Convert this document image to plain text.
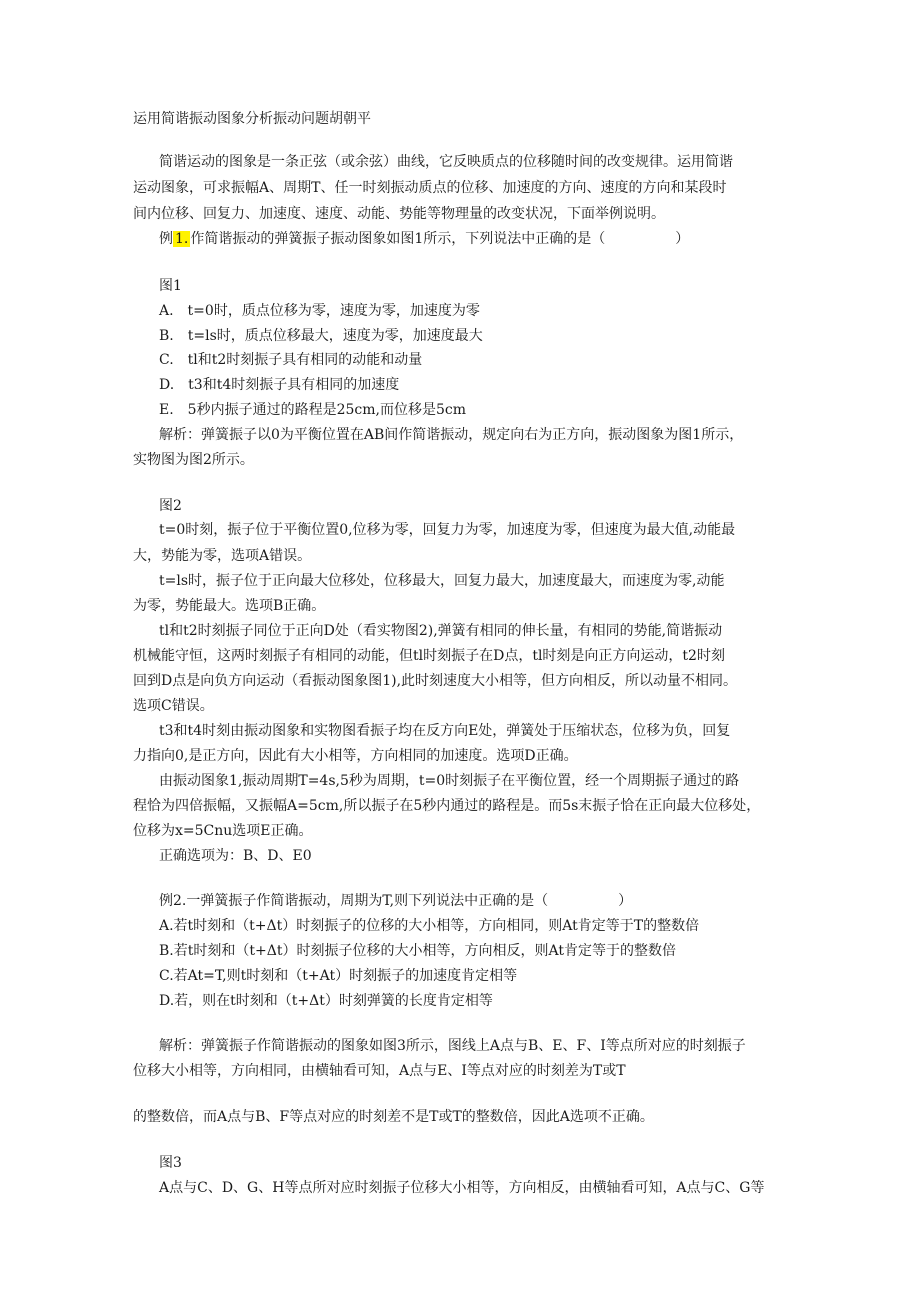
运用简谐振动图象分析振动问题胡朝平

简谐运动的图象是一条正弦（或余弦）曲线，它反映质点的位移随时间的改变规律。运用简谐

运动图象，可求振幅A、周期T、任一时刻振动质点的位移、加速度的方向、速度的方向和某段时

间内位移、回复力、加速度、速度、动能、势能等物理量的改变状况，下面举例说明。

例 1. 作简谐振动的弹簧振子振动图象如图1所示，下列说法中正确的是（　　　　　）

图1

A.　t=0时，质点位移为零，速度为零，加速度为零

B.　t=ls时，质点位移最大，速度为零，加速度最大

C.　tl和t2时刻振子具有相同的动能和动量

D.　t3和t4时刻振子具有相同的加速度

E.　5秒内振子通过的路程是25cm,而位移是5cm

解析：弹簧振子以0为平衡位置在AB间作简谐振动，规定向右为正方向，振动图象为图1所示，

实物图为图2所示。

图2

t=0时刻，振子位于平衡位置0,位移为零，回复力为零，加速度为零，但速度为最大值,动能最

大，势能为零，选项A错误。

t=ls时，振子位于正向最大位移处，位移最大，回复力最大，加速度最大，而速度为零,动能

为零，势能最大。选项B正确。

tl和t2时刻振子同位于正向D处（看实物图2),弹簧有相同的伸长量，有相同的势能,简谐振动

机械能守恒，这两时刻振子有相同的动能，但tl时刻振子在D点，tl时刻是向正方向运动，t2时刻

回到D点是向负方向运动（看振动图象图1),此时刻速度大小相等，但方向相反，所以动量不相同。

选项C错误。

t3和t4时刻由振动图象和实物图看振子均在反方向E处，弹簧处于压缩状态，位移为负，回复

力指向0,是正方向，因此有大小相等，方向相同的加速度。选项D正确。

由振动图象1,振动周期T=4s,5秒为周期，t=0时刻振子在平衡位置，经一个周期振子通过的路

程恰为四倍振幅，又振幅A=5cm,所以振子在5秒内通过的路程是。而5s末振子恰在正向最大位移处，

位移为x=5Cnu选项E正确。

正确选项为：B、D、E0

例2.一弹簧振子作简谐振动，周期为T,则下列说法中正确的是（　　　　　）

A.若t时刻和（t+Δt）时刻振子的位移的大小相等，方向相同，则At肯定等于T的整数倍

B.若t时刻和（t+Δt）时刻振子位移的大小相等，方向相反，则At肯定等于的整数倍

C.若At=T,则t时刻和（t+At）时刻振子的加速度肯定相等

D.若，则在t时刻和（t+Δt）时刻弹簧的长度肯定相等

解析：弹簧振子作简谐振动的图象如图3所示，图线上A点与B、E、F、I等点所对应的时刻振子

位移大小相等，方向相同，由横轴看可知，A点与E、I等点对应的时刻差为T或T

的整数倍，而A点与B、F等点对应的时刻差不是T或T的整数倍，因此A选项不正确。

图3

A点与C、D、G、H等点所对应时刻振子位移大小相等，方向相反，由横轴看可知，A点与C、G等
